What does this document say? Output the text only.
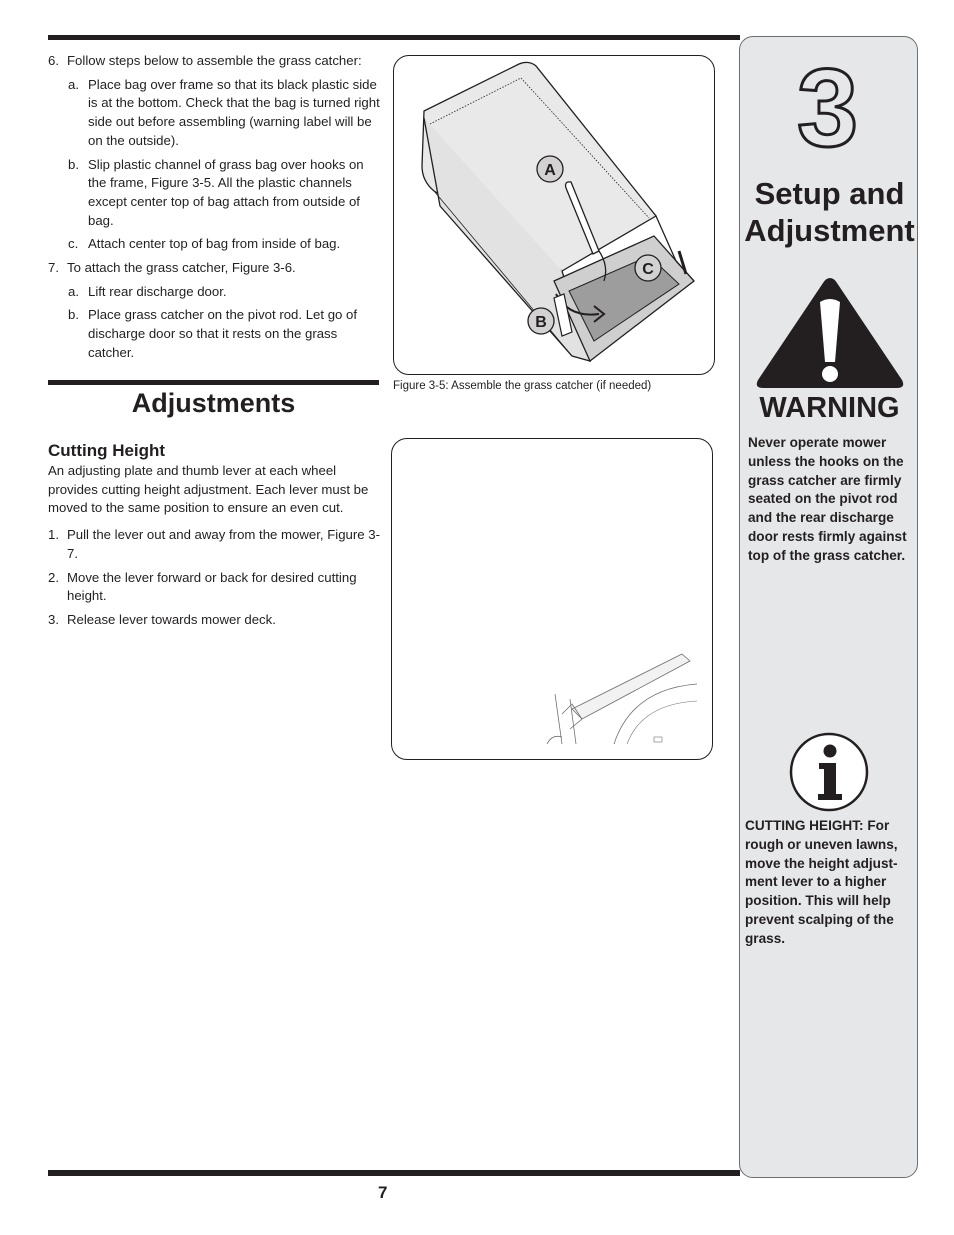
6. Follow steps below to assemble the grass catcher:
a. Place bag over frame so that its black plastic side is at the bottom. Check that the bag is turned right side out before assembling (warning label will be on the outside).
b. Slip plastic channel of grass bag over hooks on the frame, Figure 3-5. All the plastic channels except center top of bag attach from outside of bag.
c. Attach center top of bag from inside of bag.
7. To attach the grass catcher, Figure 3-6.
a. Lift rear discharge door.
b. Place grass catcher on the pivot rod. Let go of discharge door so that it rests on the grass catcher.
Adjustments
Cutting Height

An adjusting plate and thumb lever at each wheel provides cutting height adjustment. Each lever must be moved to the same position to ensure an even cut.

1. Pull the lever out and away from the mower, Figure 3-7.
2. Move the lever forward or back for desired cutting height.
3. Release lever towards mower deck.
A
C
B
Figure 3-5: Assemble the grass catcher (if needed)
3
Setup and
Adjustment
WARNING
Never operate mower unless the hooks on the grass catcher are firmly seated on the pivot rod and the rear discharge door rests firmly against top of the grass catcher.
CUTTING HEIGHT: For rough or uneven lawns, move the height adjust- ment lever to a higher position. This will help prevent scalping of the grass.
7
